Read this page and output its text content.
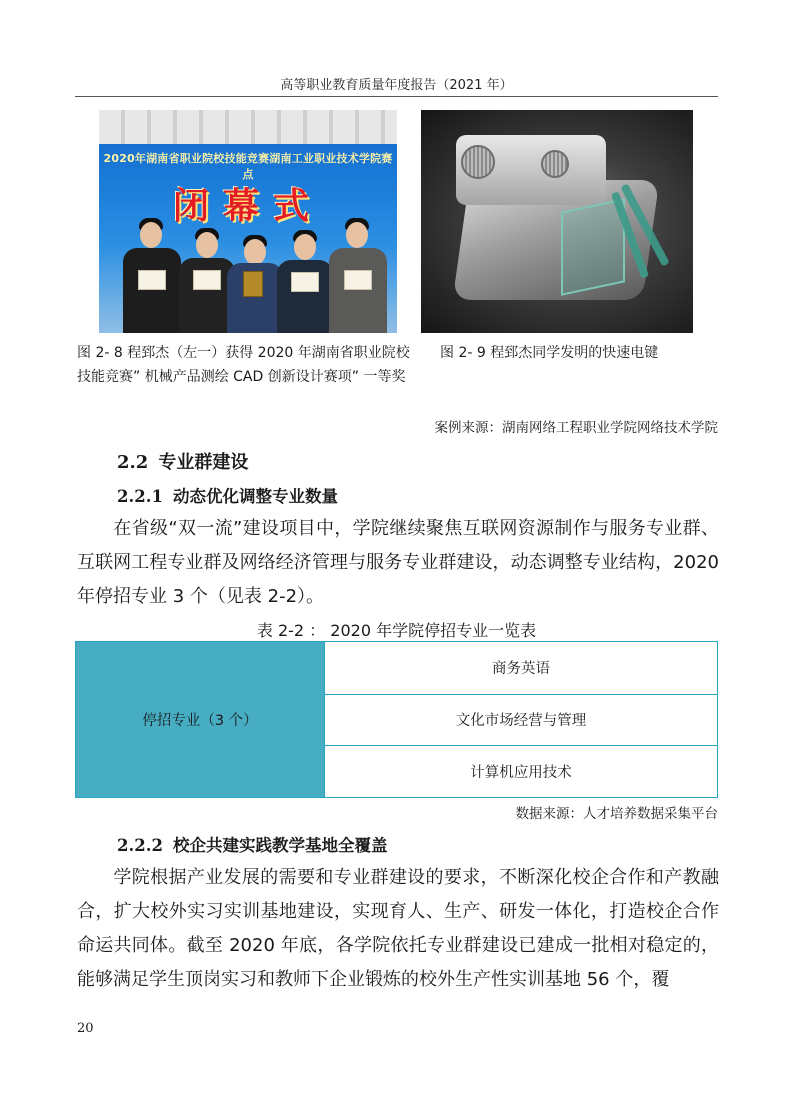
高等职业教育质量年度报告（2021 年）
2020年湖南省职业院校技能竞赛湖南工业职业技术学院赛点
闭幕式
图 2- 8 程郅杰（左一）获得 2020 年湖南省职业院校技能竞赛” 机械产品测绘 CAD 创新设计赛项” 一等奖
图 2- 9 程郅杰同学发明的快速电键
案例来源：湖南网络工程职业学院网络技术学院
2.2 专业群建设
2.2.1 动态优化调整专业数量
在省级“双一流”建设项目中，学院继续聚焦互联网资源制作与服务专业群、互联网工程专业群及网络经济管理与服务专业群建设，动态调整专业结构，2020 年停招专业 3 个（见表 2-2）。
表 2-2 ： 2020 年学院停招专业一览表
停招专业（3 个）
商务英语
文化市场经营与管理
计算机应用技术
数据来源：人才培养数据采集平台
2.2.2 校企共建实践教学基地全覆盖
学院根据产业发展的需要和专业群建设的要求，不断深化校企合作和产教融合，扩大校外实习实训基地建设，实现育人、生产、研发一体化，打造校企合作命运共同体。截至 2020 年底，各学院依托专业群建设已建成一批相对稳定的，能够满足学生顶岗实习和教师下企业锻炼的校外生产性实训基地 56 个，覆
20
